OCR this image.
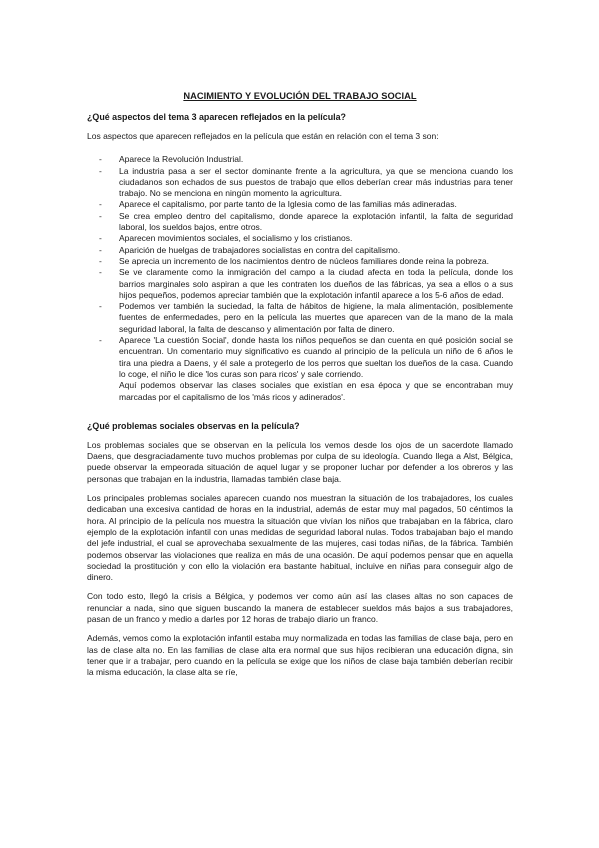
NACIMIENTO Y EVOLUCIÓN DEL TRABAJO SOCIAL
¿Qué aspectos del tema 3 aparecen reflejados en la película?
Los aspectos que aparecen reflejados en la película que están en relación con el tema 3 son:
- Aparece la Revolución Industrial.
- La industria pasa a ser el sector dominante frente a la agricultura, ya que se menciona cuando los ciudadanos son echados de sus puestos de trabajo que ellos deberían crear más industrias para tener trabajo. No se menciona en ningún momento la agricultura.
- Aparece el capitalismo, por parte tanto de la Iglesia como de las familias más adineradas.
- Se crea empleo dentro del capitalismo, donde aparece la explotación infantil, la falta de seguridad laboral, los sueldos bajos, entre otros.
- Aparecen movimientos sociales, el socialismo y los cristianos.
- Aparición de huelgas de trabajadores socialistas en contra del capitalismo.
- Se aprecia un incremento de los nacimientos dentro de núcleos familiares donde reina la pobreza.
- Se ve claramente como la inmigración del campo a la ciudad afecta en toda la película, donde los barrios marginales solo aspiran a que les contraten los dueños de las fábricas, ya sea a ellos o a sus hijos pequeños, podemos apreciar también que la explotación infantil aparece a los 5-6 años de edad.
- Podemos ver también la suciedad, la falta de hábitos de higiene, la mala alimentación, posiblemente fuentes de enfermedades, pero en la película las muertes que aparecen van de la mano de la mala seguridad laboral, la falta de descanso y alimentación por falta de dinero.
- Aparece 'La cuestión Social', donde hasta los niños pequeños se dan cuenta en qué posición social se encuentran. Un comentario muy significativo es cuando al principio de la película un niño de 6 años le tira una piedra a Daens, y él sale a protegerlo de los perros que sueltan los dueños de la casa. Cuando lo coge, el niño le dice 'los curas son para ricos' y sale corriendo.
Aquí podemos observar las clases sociales que existían en esa época y que se encontraban muy marcadas por el capitalismo de los 'más ricos y adinerados'.
¿Qué problemas sociales observas en la película?
Los problemas sociales que se observan en la película los vemos desde los ojos de un sacerdote llamado Daens, que desgraciadamente tuvo muchos problemas por culpa de su ideología. Cuando llega a Alst, Bélgica, puede observar la empeorada situación de aquel lugar y se proponer luchar por defender a los obreros y las personas que trabajan en la industria, llamadas también clase baja.
Los principales problemas sociales aparecen cuando nos muestran la situación de los trabajadores, los cuales dedicaban una excesiva cantidad de horas en la industrial, además de estar muy mal pagados, 50 céntimos la hora. Al principio de la película nos muestra la situación que vivían los niños que trabajaban en la fábrica, claro ejemplo de la explotación infantil con unas medidas de seguridad laboral nulas. Todos trabajaban bajo el mando del jefe industrial, el cual se aprovechaba sexualmente de las mujeres, casi todas niñas, de la fábrica. También podemos observar las violaciones que realiza en más de una ocasión. De aquí podemos pensar que en aquella sociedad la prostitución y con ello la violación era bastante habitual, incluive en niñas para conseguir algo de dinero.
Con todo esto, llegó la crisis a Bélgica, y podemos ver como aún así las clases altas no son capaces de renunciar a nada, sino que siguen buscando la manera de establecer sueldos más bajos a sus trabajadores, pasan de un franco y medio a darles por 12 horas de trabajo diario un franco.
Además, vemos como la explotación infantil estaba muy normalizada en todas las familias de clase baja, pero en las de clase alta no. En las familias de clase alta era normal que sus hijos recibieran una educación digna, sin tener que ir a trabajar, pero cuando en la película se exige que los niños de clase baja también deberían recibir la misma educación, la clase alta se ríe,
